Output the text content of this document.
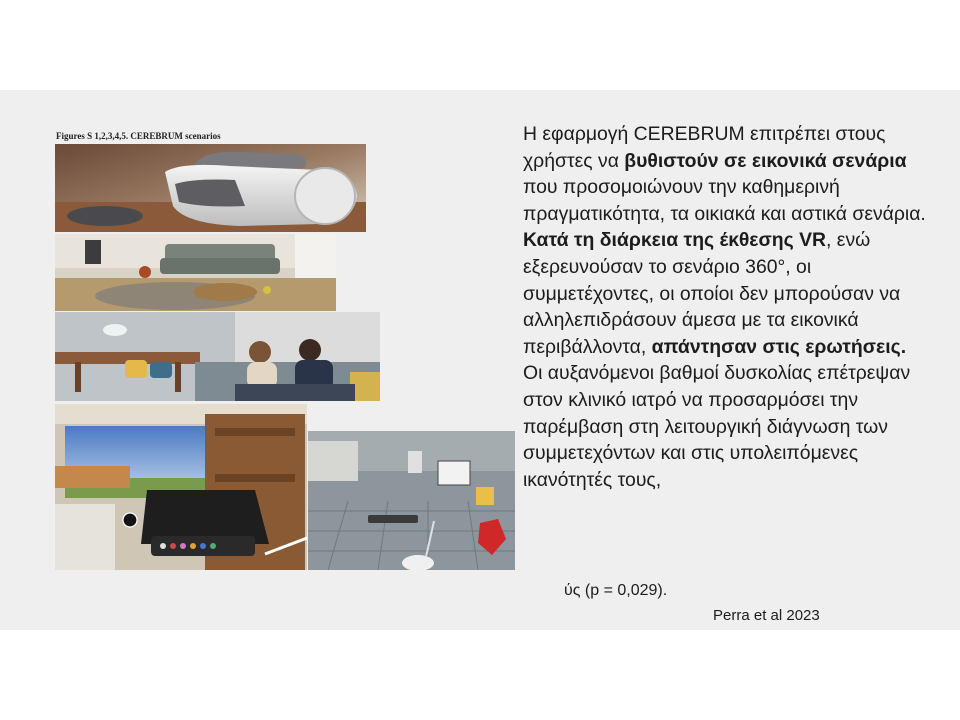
Figures S 1,2,3,4,5. CEREBRUM scenarios	Η εφαρμογή CEREBRUM επιτρέπει στους χρήστες να βυθιστούν σε εικονικά σενάρια που προσομοιώνουν την καθημερινή πραγματικότητα, τα οικιακά και αστικά σενάρια.

Κατά τη διάρκεια της έκθεσης VR, ενώ εξερευνούσαν το σενάριο 360°, οι συμμετέχοντες, οι οποίοι δεν μπορούσαν να αλληλεπιδράσουν άμεσα με τα εικονικά περιβάλλοντα, απάντησαν στις ερωτήσεις.

Οι αυξανόμενοι βαθμοί δυσκολίας επέτρεψαν στον κλινικό ιατρό να προσαρμόσει την παρέμβαση στη λειτουργική διάγνωση των συμμετεχόντων και στις υπολειπόμενες ικανότητές τους,

ύς (p = 0,029).
Perra et al 2023
